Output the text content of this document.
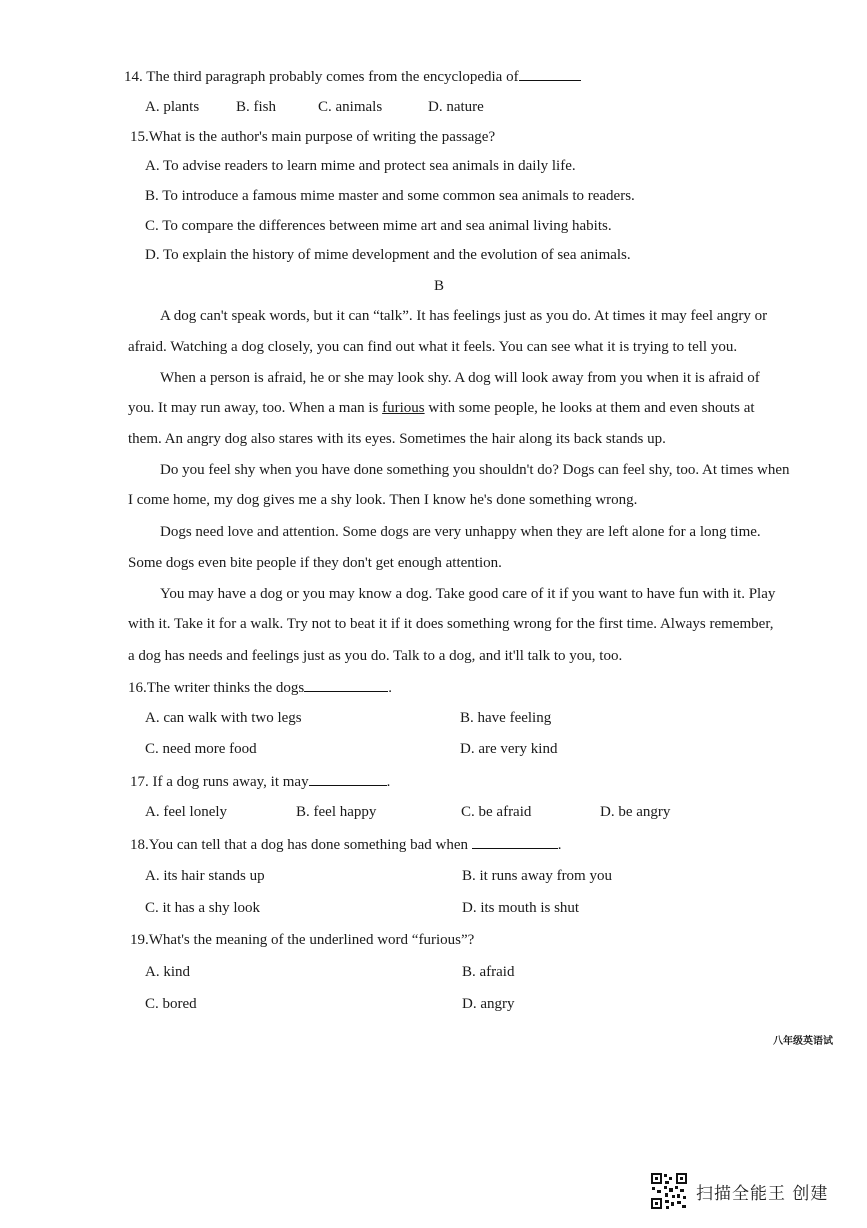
14. The third paragraph probably comes from the encyclopedia of
A. plants B. fish	C. animals	D. nature
15.What is the author's main purpose of writing the passage?
A. To advise readers to learn mime and protect sea animals in daily life.
B. To introduce a famous mime master and some common sea animals to readers.
C. To compare the differences between mime art and sea animal living habits.
D. To explain the history of mime development and the evolution of sea animals.
B
A dog can't speak words, but it can “talk”. It has feelings just as you do. At times it may feel angry or
afraid. Watching a dog closely, you can find out what it feels. You can see what it is trying to tell you.
When a person is afraid, he or she may look shy. A dog will look away from you when it is afraid of
you. It may run away, too. When a man is furious with some people, he looks at them and even shouts at
them. An angry dog also stares with its eyes. Sometimes the hair along its back stands up.
Do you feel shy when you have done something you shouldn't do? Dogs can feel shy, too. At times when
I come home, my dog gives me a shy look. Then I know he's done something wrong.
Dogs need love and attention. Some dogs are very unhappy when they are left alone for a long time.
Some dogs even bite people if they don't get enough attention.
You may have a dog or you may know a dog. Take good care of it if you want to have fun with it. Play
with it. Take it for a walk. Try not to beat it if it does something wrong for the first time. Always remember,
a dog has needs and feelings just as you do. Talk to a dog, and it'll talk to you, too.
16.The writer thinks the dogs	.
A. can walk with two legs	B. have feeling
C. need more food	D. are very kind
17. If a dog runs away, it may	.
A. feel lonely	B. feel happy	C. be afraid	D. be angry
18.You can tell that a dog has done something bad when	.
A. its hair stands up	B. it runs away from you
C. it has a shy look	D. its mouth is shut
19.What's the meaning of the underlined word “furious”?
A. kind	B. afraid
C. bored	D. angry
八年级英语试
扫描全能王 创建
